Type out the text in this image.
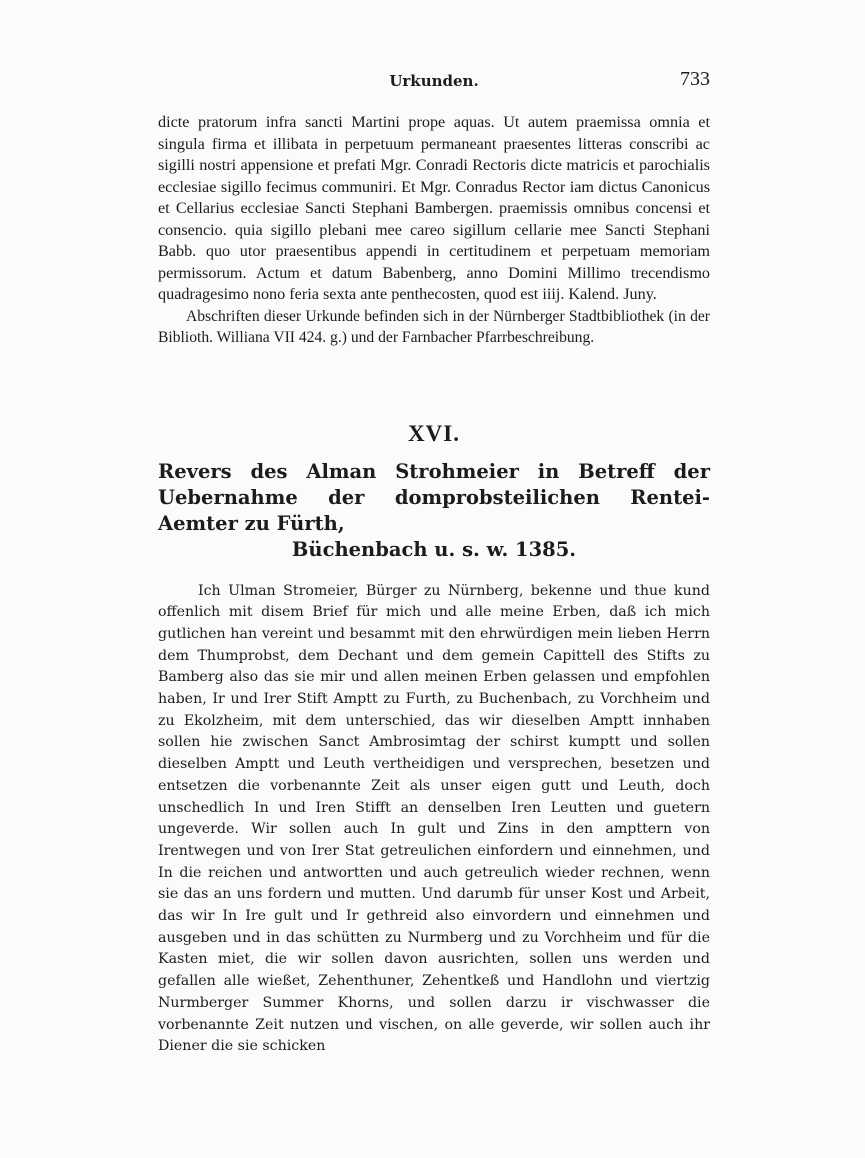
Urkunden.	733

dicte pratorum infra sancti Martini prope aquas. Ut autem praemissa omnia et singula firma et illibata in perpetuum permaneant praesentes litteras conscribi ac sigilli nostri appensione et prefati Mgr. Conradi Rectoris dicte matricis et parochialis ecclesiae sigillo fecimus communiri. Et Mgr. Conradus Rector iam dictus Canonicus et Cellarius ecclesiae Sancti Stephani Bambergen. praemissis omnibus concensi et consencio. quia sigillo plebani mee careo sigillum cellarie mee Sancti Stephani Babb. quo utor praesentibus appendi in certitudinem et perpetuam memoriam permissorum. Actum et datum Babenberg, anno Domini Millimo trecendismo quadragesimo nono feria sexta ante penthecosten, quod est iiij. Kalend. Juny.

Abschriften dieser Urkunde befinden sich in der Nürnberger Stadtbibliothek (in der Biblioth. Williana VII 424. g.) und der Farnbacher Pfarrbeschreibung.

XVI.
Revers des Alman Strohmeier in Betreff der Uebernahme der domprobsteilichen Rentei-Aemter zu Fürth,
Büchenbach u. s. w. 1385.

Ich Ulman Stromeier, Bürger zu Nürnberg, bekenne und thue kund offenlich mit disem Brief für mich und alle meine Erben, daß ich mich gutlichen han vereint und besammt mit den ehrwürdigen mein lieben Herrn dem Thumprobst, dem Dechant und dem gemein Capittell des Stifts zu Bamberg also das sie mir und allen meinen Erben gelassen und empfohlen haben, Ir und Irer Stift Amptt zu Furth, zu Buchenbach, zu Vorchheim und zu Ekolzheim, mit dem unterschied, das wir dieselben Amptt innhaben sollen hie zwischen Sanct Ambrosimtag der schirst kumptt und sollen dieselben Amptt und Leuth vertheidigen und versprechen, besetzen und entsetzen die vorbenannte Zeit als unser eigen gutt und Leuth, doch unschedlich In und Iren Stifft an denselben Iren Leutten und guetern ungeverde. Wir sollen auch In gult und Zins in den ampttern von Irentwegen und von Irer Stat getreulichen einfordern und einnehmen, und In die reichen und antwortten und auch getreulich wieder rechnen, wenn sie das an uns fordern und mutten. Und darumb für unser Kost und Arbeit, das wir In Ire gult und Ir gethreid also einvordern und einnehmen und ausgeben und in das schütten zu Nurmberg und zu Vorchheim und für die Kasten miet, die wir sollen davon ausrichten, sollen uns werden und gefallen alle wießet, Zehenthuner, Zehentkeß und Handlohn und viertzig Nurmberger Summer Khorns, und sollen darzu ir vischwasser die vorbenannte Zeit nutzen und vischen, on alle geverde, wir sollen auch ihr Diener die sie schicken
